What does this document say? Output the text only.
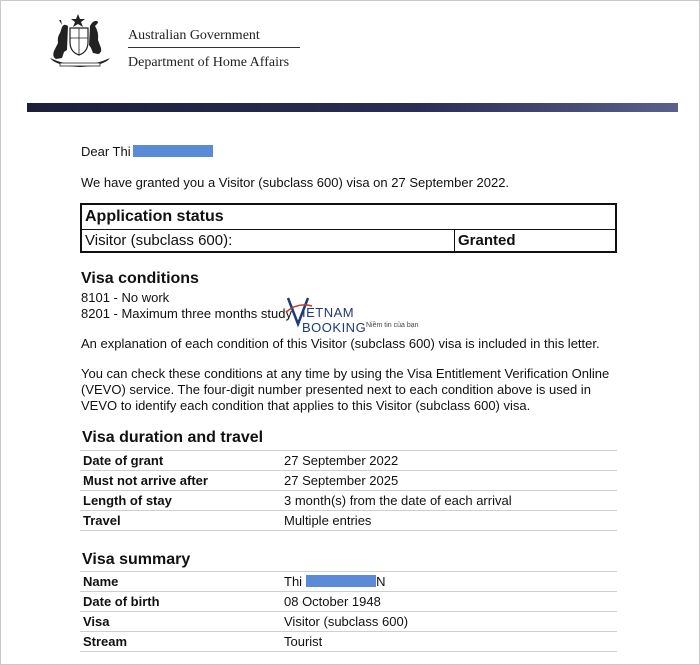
Australian Government
Department of Home Affairs
Dear Thi
We have granted you a Visitor (subclass 600) visa on 27 September 2022.
Application status
Visitor (subclass 600):	Granted
Visa conditions
8101 - No work
8201 - Maximum three months study IETNAM BOOKING Niềm tin của bạn
An explanation of each condition of this Visitor (subclass 600) visa is included in this letter.
You can check these conditions at any time by using the Visa Entitlement Verification Online
(VEVO) service. The four-digit number presented next to each condition above is used in
VEVO to identify each condition that applies to this Visitor (subclass 600) visa.
Visa duration and travel
Date of grant	27 September 2022
Must not arrive after	27 September 2025
Length of stay	3 month(s) from the date of each arrival
Travel	Multiple entries
Visa summary
Name	Thi N
Date of birth	08 October 1948
Visa	Visitor (subclass 600)
Stream	Tourist
